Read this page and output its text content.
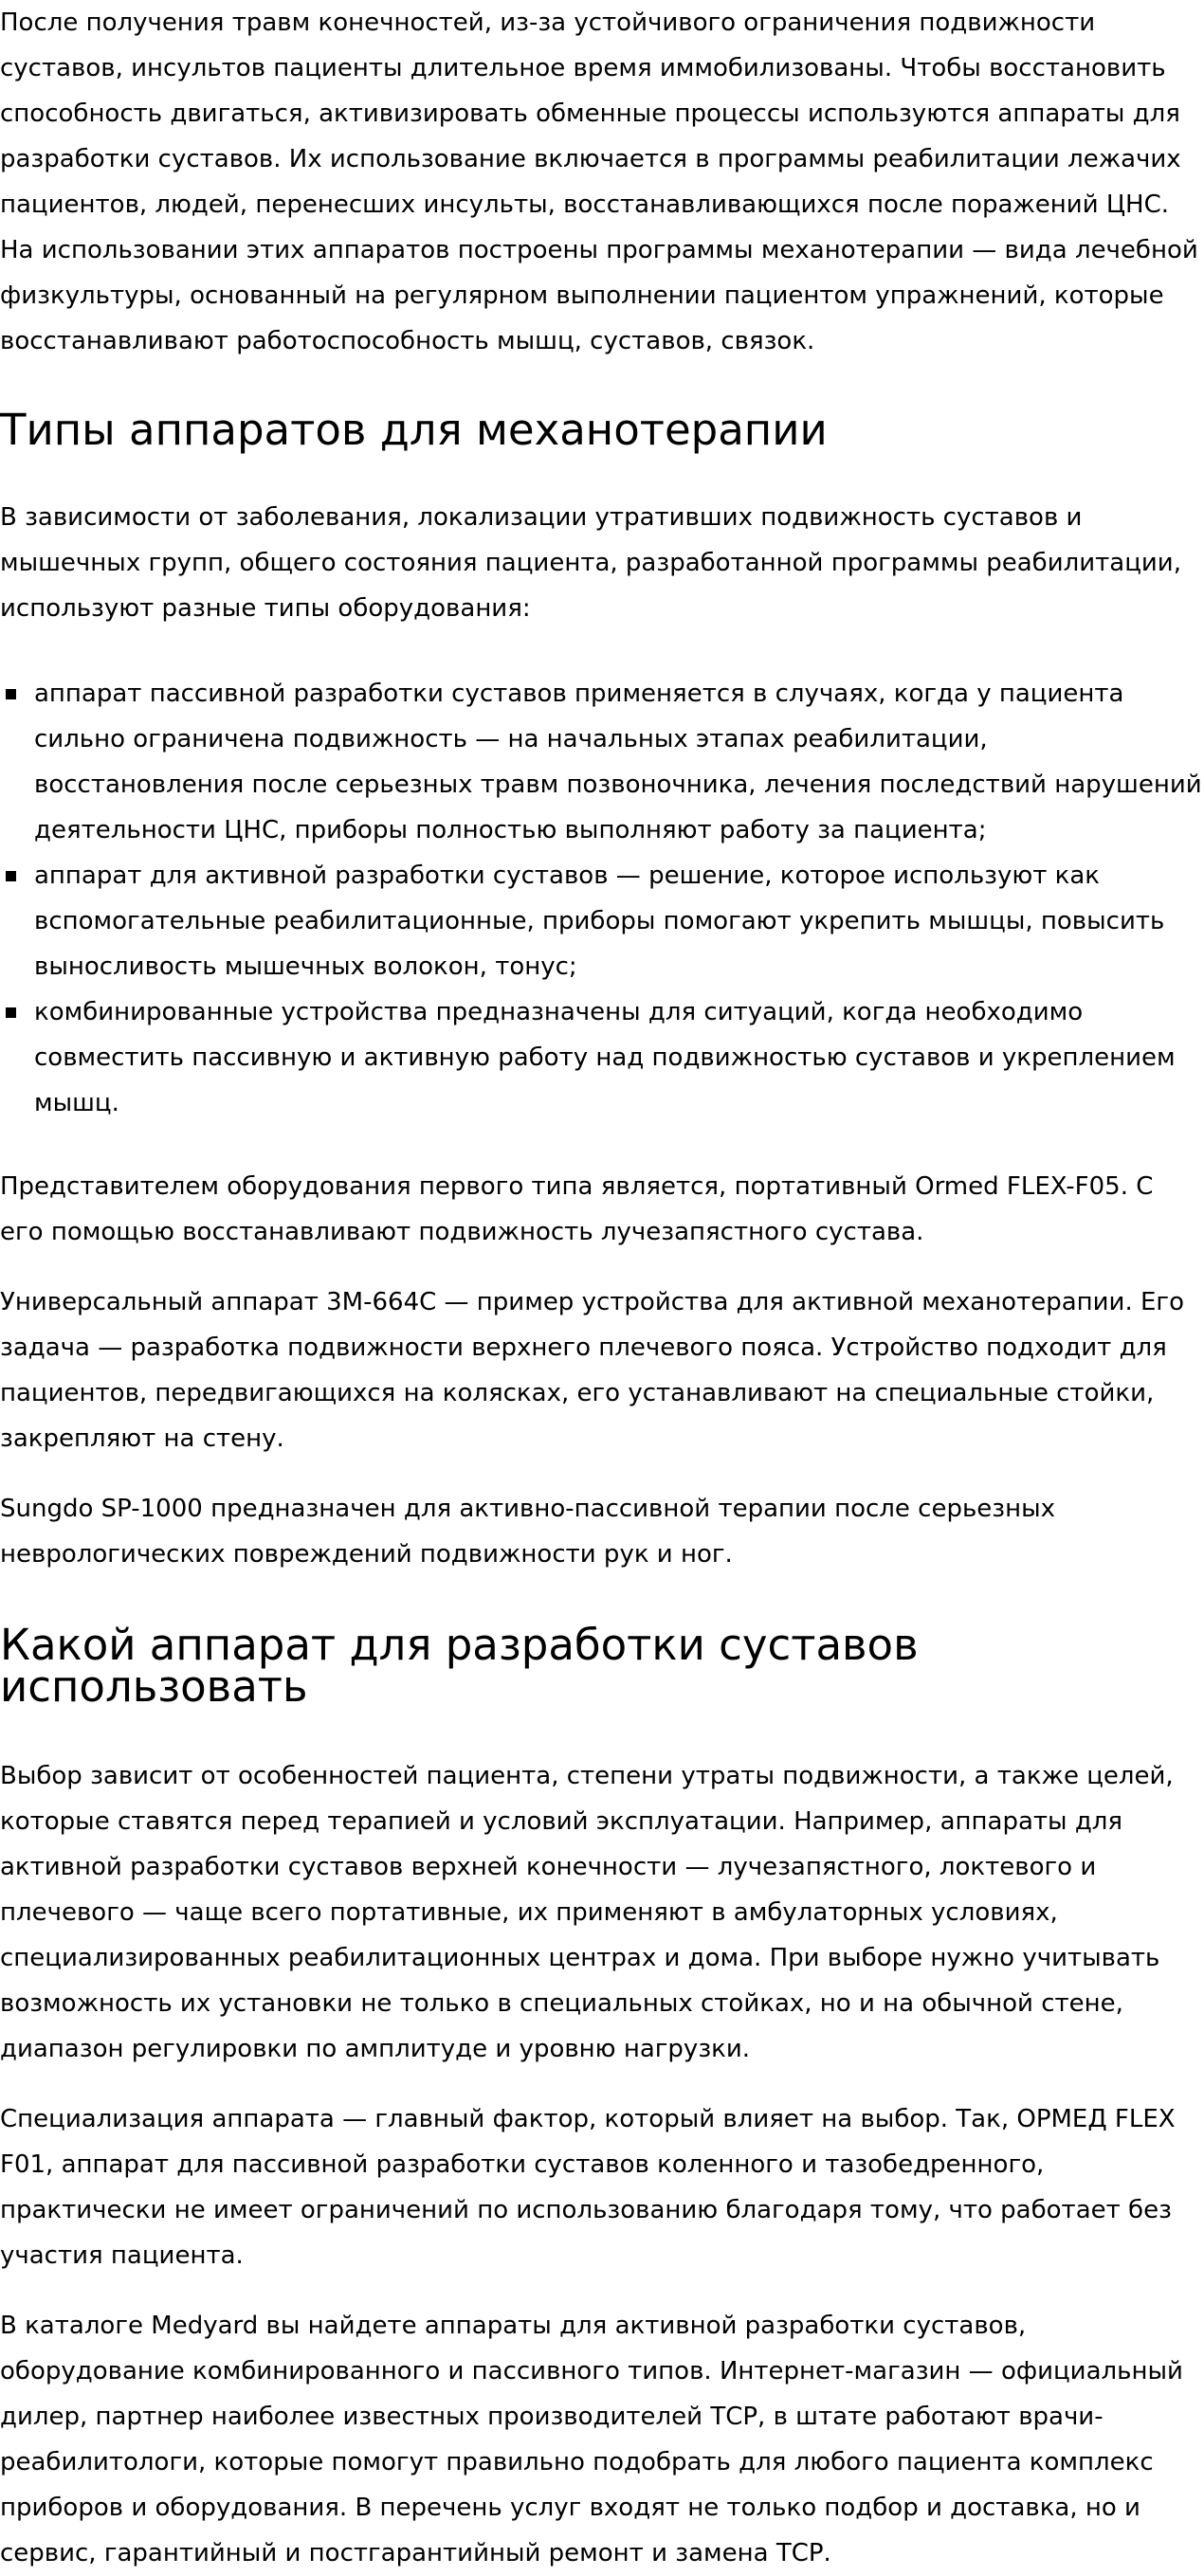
После получения травм конечностей, из-за устойчивого ограничения подвижности суставов, инсультов пациенты длительное время иммобилизованы. Чтобы восстановить способность двигаться, активизировать обменные процессы используются аппараты для разработки суставов. Их использование включается в программы реабилитации лежачих пациентов, людей, перенесших инсульты, восстанавливающихся после поражений ЦНС. На использовании этих аппаратов построены программы механотерапии — вида лечебной физкультуры, основанный на регулярном выполнении пациентом упражнений, которые восстанавливают работоспособность мышц, суставов, связок.

Типы аппаратов для механотерапии

В зависимости от заболевания, локализации утративших подвижность суставов и мышечных групп, общего состояния пациента, разработанной программы реабилитации, используют разные типы оборудования:

аппарат пассивной разработки суставов применяется в случаях, когда у пациента сильно ограничена подвижность — на начальных этапах реабилитации, восстановления после серьезных травм позвоночника, лечения последствий нарушений деятельности ЦНС, приборы полностью выполняют работу за пациента;
аппарат для активной разработки суставов — решение, которое используют как вспомогательные реабилитационные, приборы помогают укрепить мышцы, повысить выносливость мышечных волокон, тонус;
комбинированные устройства предназначены для ситуаций, когда необходимо совместить пассивную и активную работу над подвижностью суставов и укреплением мышц.

Представителем оборудования первого типа является, портативный Ormed FLEX-F05. С его помощью восстанавливают подвижность лучезапястного сустава.

Универсальный аппарат 3М-664С — пример устройства для активной механотерапии. Его задача — разработка подвижности верхнего плечевого пояса. Устройство подходит для пациентов, передвигающихся на колясках, его устанавливают на специальные стойки, закрепляют на стену.

Sungdo SP-1000 предназначен для активно-пассивной терапии после серьезных неврологических повреждений подвижности рук и ног.

Какой аппарат для разработки суставов использовать

Выбор зависит от особенностей пациента, степени утраты подвижности, а также целей, которые ставятся перед терапией и условий эксплуатации. Например, аппараты для активной разработки суставов верхней конечности — лучезапястного, локтевого и плечевого — чаще всего портативные, их применяют в амбулаторных условиях, специализированных реабилитационных центрах и дома. При выборе нужно учитывать возможность их установки не только в специальных стойках, но и на обычной стене, диапазон регулировки по амплитуде и уровню нагрузки.

Специализация аппарата — главный фактор, который влияет на выбор. Так, ОРМЕД FLEX F01, аппарат для пассивной разработки суставов коленного и тазобедренного, практически не имеет ограничений по использованию благодаря тому, что работает без участия пациента.

В каталоге Medyard вы найдете аппараты для активной разработки суставов, оборудование комбинированного и пассивного типов. Интернет-магазин — официальный дилер, партнер наиболее известных производителей ТСР, в штате работают врачи-реабилитологи, которые помогут правильно подобрать для любого пациента комплекс приборов и оборудования. В перечень услуг входят не только подбор и доставка, но и сервис, гарантийный и постгарантийный ремонт и замена ТСР.
